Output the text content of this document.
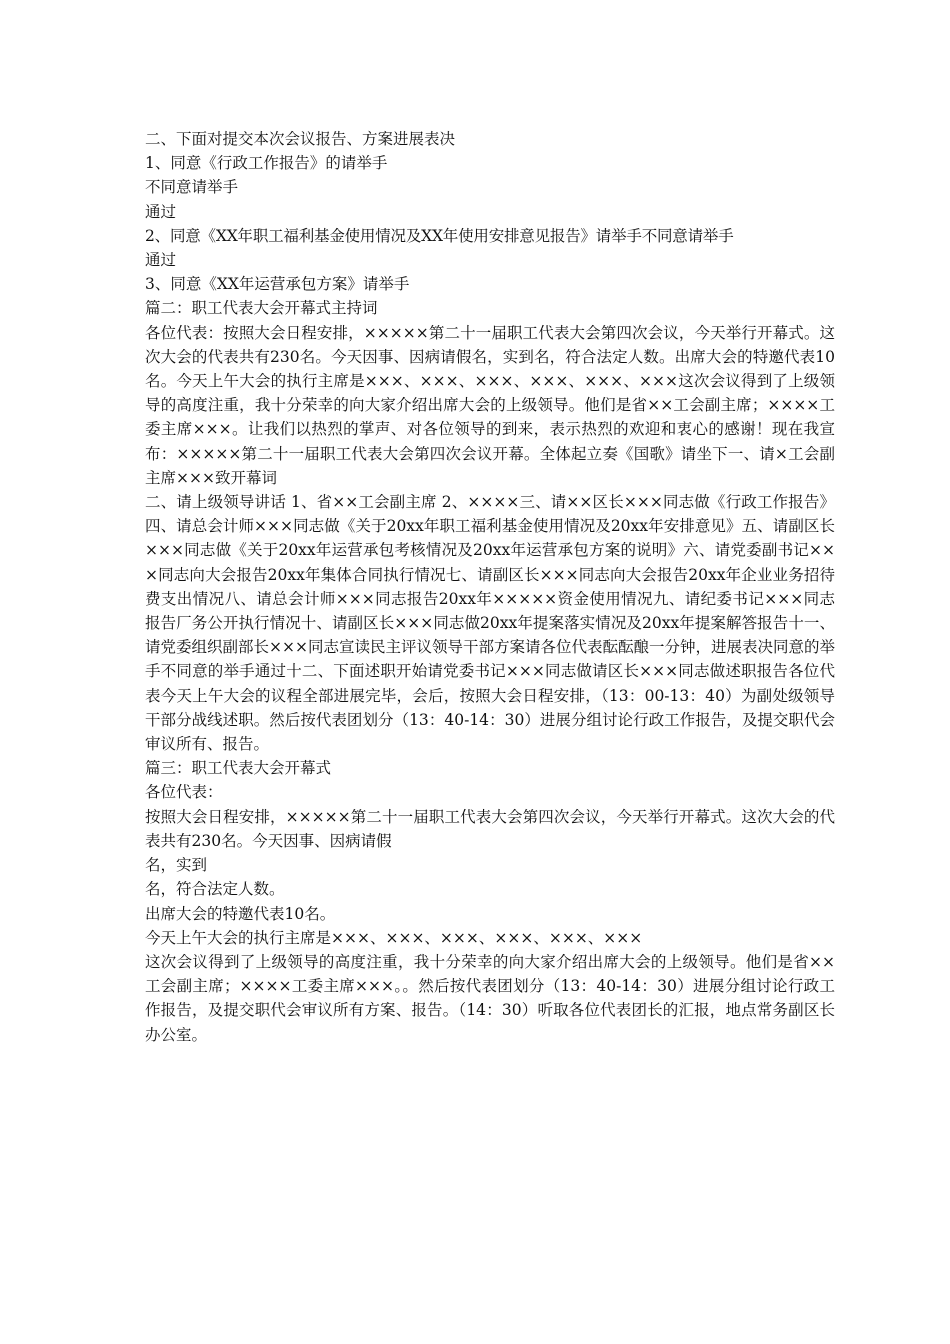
二、下面对提交本次会议报告、方案进展表决

1、同意《行政工作报告》的请举手

不同意请举手

通过

2、同意《XX年职工福利基金使用情况及XX年使用安排意见报告》请举手不同意请举手

通过

3、同意《XX年运营承包方案》请举手

篇二：职工代表大会开幕式主持词

各位代表：按照大会日程安排，×××××第二十一届职工代表大会第四次会议，今天举行开幕式。这次大会的代表共有230名。今天因事、因病请假名，实到名，符合法定人数。出席大会的特邀代表10名。今天上午大会的执行主席是×××、×××、×××、×××、×××、×××这次会议得到了上级领导的高度注重，我十分荣幸的向大家介绍出席大会的上级领导。他们是省××工会副主席；××××工委主席×××。让我们以热烈的掌声、对各位领导的到来，表示热烈的欢迎和衷心的感谢！现在我宣布：×××××第二十一届职工代表大会第四次会议开幕。全体起立奏《国歌》请坐下一、请×工会副主席×××致开幕词

二、请上级领导讲话 1、省××工会副主席 2、××××三、请××区长×××同志做《行政工作报告》四、请总会计师×××同志做《关于20xx年职工福利基金使用情况及20xx年安排意见》五、请副区长×××同志做《关于20xx年运营承包考核情况及20xx年运营承包方案的说明》六、请党委副书记×××同志向大会报告20xx年集体合同执行情况七、请副区长×××同志向大会报告20xx年企业业务招待费支出情况八、请总会计师×××同志报告20xx年×××××资金使用情况九、请纪委书记×××同志报告厂务公开执行情况十、请副区长×××同志做20xx年提案落实情况及20xx年提案解答报告十一、请党委组织副部长×××同志宣读民主评议领导干部方案请各位代表酝酝酿一分钟，进展表决同意的举手不同意的举手通过十二、下面述职开始请党委书记×××同志做请区长×××同志做述职报告各位代表今天上午大会的议程全部进展完毕，会后，按照大会日程安排，（13：00-13：40）为副处级领导干部分战线述职。然后按代表团划分（13：40-14：30）进展分组讨论行政工作报告，及提交职代会审议所有、报告。

篇三：职工代表大会开幕式

各位代表：

按照大会日程安排，×××××第二十一届职工代表大会第四次会议，今天举行开幕式。这次大会的代表共有230名。今天因事、因病请假

名，实到

名，符合法定人数。

出席大会的特邀代表10名。

今天上午大会的执行主席是×××、×××、×××、×××、×××、×××

这次会议得到了上级领导的高度注重，我十分荣幸的向大家介绍出席大会的上级领导。他们是省××工会副主席；××××工委主席×××。。然后按代表团划分（13：40-14：30）进展分组讨论行政工作报告，及提交职代会审议所有方案、报告。（14：30）听取各位代表团长的汇报，地点常务副区长办公室。
